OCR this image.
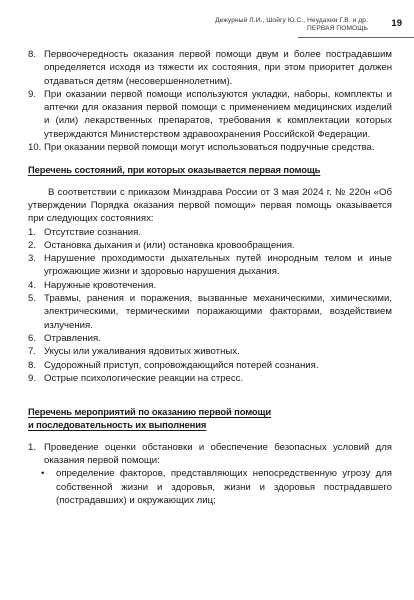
Дежурный Л.И., Шойгу Ю.С., Неудахин Г.В. и др.
ПЕРВАЯ ПОМОЩЬ 19
8. Первоочередность оказания первой помощи двум и более пострадавшим определяется исходя из тяжести их состояния, при этом приоритет должен отдаваться детям (несовершеннолетним).
9. При оказании первой помощи используются укладки, наборы, комплекты и аптечки для оказания первой помощи с применением медицинских изделий и (или) лекарственных препаратов, требования к комплектации которых утверждаются Министерством здравоохранения Российской Федерации.
10. При оказании первой помощи могут использоваться подручные средства.
Перечень состояний, при которых оказывается первая помощь
В соответствии с приказом Минздрава России от 3 мая 2024 г. № 220н «Об утверждении Порядка оказания первой помощи» первая помощь оказывается при следующих состояниях:
1. Отсутствие сознания.
2. Остановка дыхания и (или) остановка кровообращения.
3. Нарушение проходимости дыхательных путей инородным телом и иные угрожающие жизни и здоровью нарушения дыхания.
4. Наружные кровотечения.
5. Травмы, ранения и поражения, вызванные механическими, химическими, электрическими, термическими поражающими факторами, воздействием излучения.
6. Отравления.
7. Укусы или ужаливания ядовитых животных.
8. Судорожный приступ, сопровождающийся потерей сознания.
9. Острые психологические реакции на стресс.
Перечень мероприятий по оказанию первой помощи
и последовательность их выполнения
1. Проведение оценки обстановки и обеспечение безопасных условий для оказания первой помощи:
• определение факторов, представляющих непосредственную угрозу для собственной жизни и здоровья, жизни и здоровья пострадавшего (пострадавших) и окружающих лиц;
